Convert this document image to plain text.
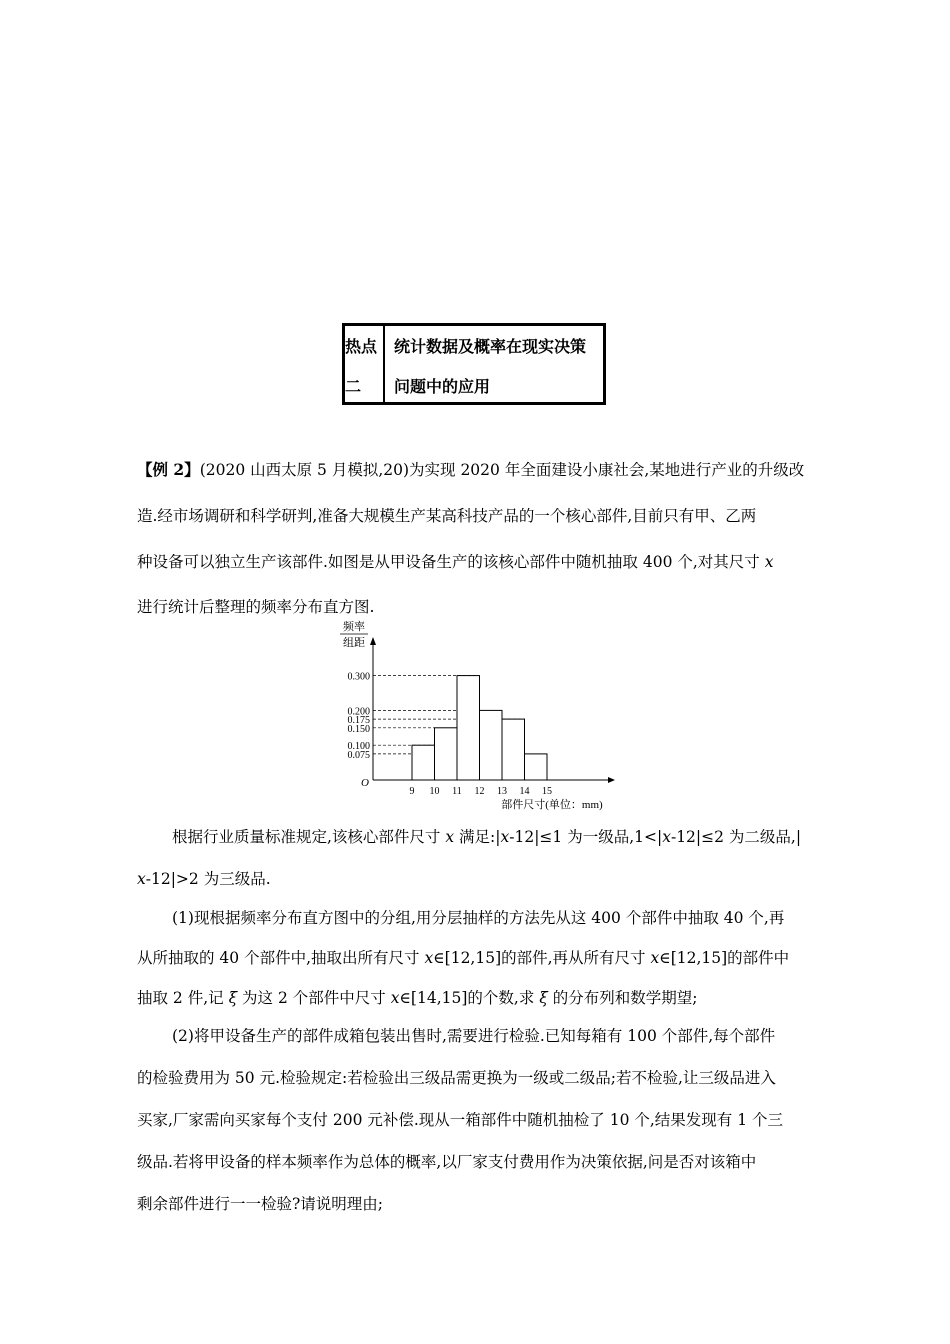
热点
二
统计数据及概率在现实决策
问题中的应用
【例 2】(2020 山西太原 5 月模拟,20)为实现 2020 年全面建设小康社会,某地进行产业的升级改
造.经市场调研和科学研判,准备大规模生产某高科技产品的一个核心部件,目前只有甲、乙两
种设备可以独立生产该部件.如图是从甲设备生产的该核心部件中随机抽取 400 个,对其尺寸 x
进行统计后整理的频率分布直方图.
频率
组距
O
0.300
0.200
0.175
0.150
0.100
0.075
9 10 11 12 13 14 15
部件尺寸(单位：mm)
根据行业质量标准规定,该核心部件尺寸 x 满足:|x-12|≤1 为一级品,1<|x-12|≤2 为二级品,|
x-12|>2 为三级品.
(1)现根据频率分布直方图中的分组,用分层抽样的方法先从这 400 个部件中抽取 40 个,再
从所抽取的 40 个部件中,抽取出所有尺寸 x∈[12,15]的部件,再从所有尺寸 x∈[12,15]的部件中
抽取 2 件,记 ξ 为这 2 个部件中尺寸 x∈[14,15]的个数,求 ξ 的分布列和数学期望;
(2)将甲设备生产的部件成箱包装出售时,需要进行检验.已知每箱有 100 个部件,每个部件
的检验费用为 50 元.检验规定:若检验出三级品需更换为一级或二级品;若不检验,让三级品进入
买家,厂家需向买家每个支付 200 元补偿.现从一箱部件中随机抽检了 10 个,结果发现有 1 个三
级品.若将甲设备的样本频率作为总体的概率,以厂家支付费用作为决策依据,问是否对该箱中
剩余部件进行一一检验?请说明理由;
